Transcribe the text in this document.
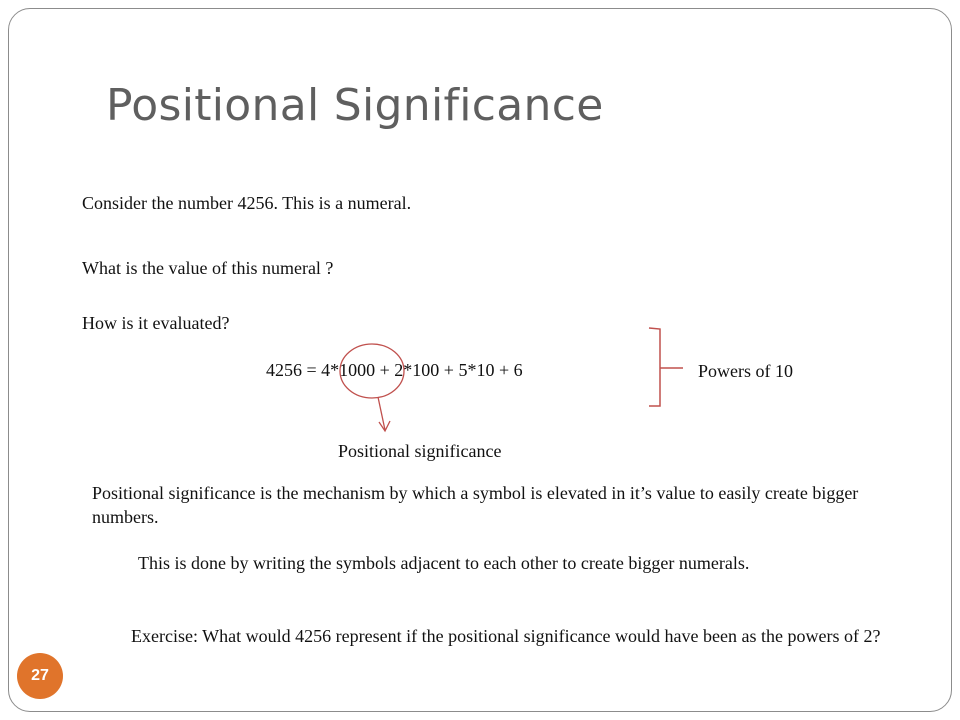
Positional Significance
Consider the number 4256. This is a numeral.
What is the value of this numeral ?
How is it evaluated?
4256 = 4*1000 + 2*100 + 5*10 + 6	Powers of 10
Positional significance
Positional significance is the mechanism by which a symbol is elevated in it’s value to easily create bigger numbers.
This is done by writing the symbols adjacent to each other to create bigger numerals.
Exercise: What would 4256 represent if the positional significance would have been as the powers of 2?
27
